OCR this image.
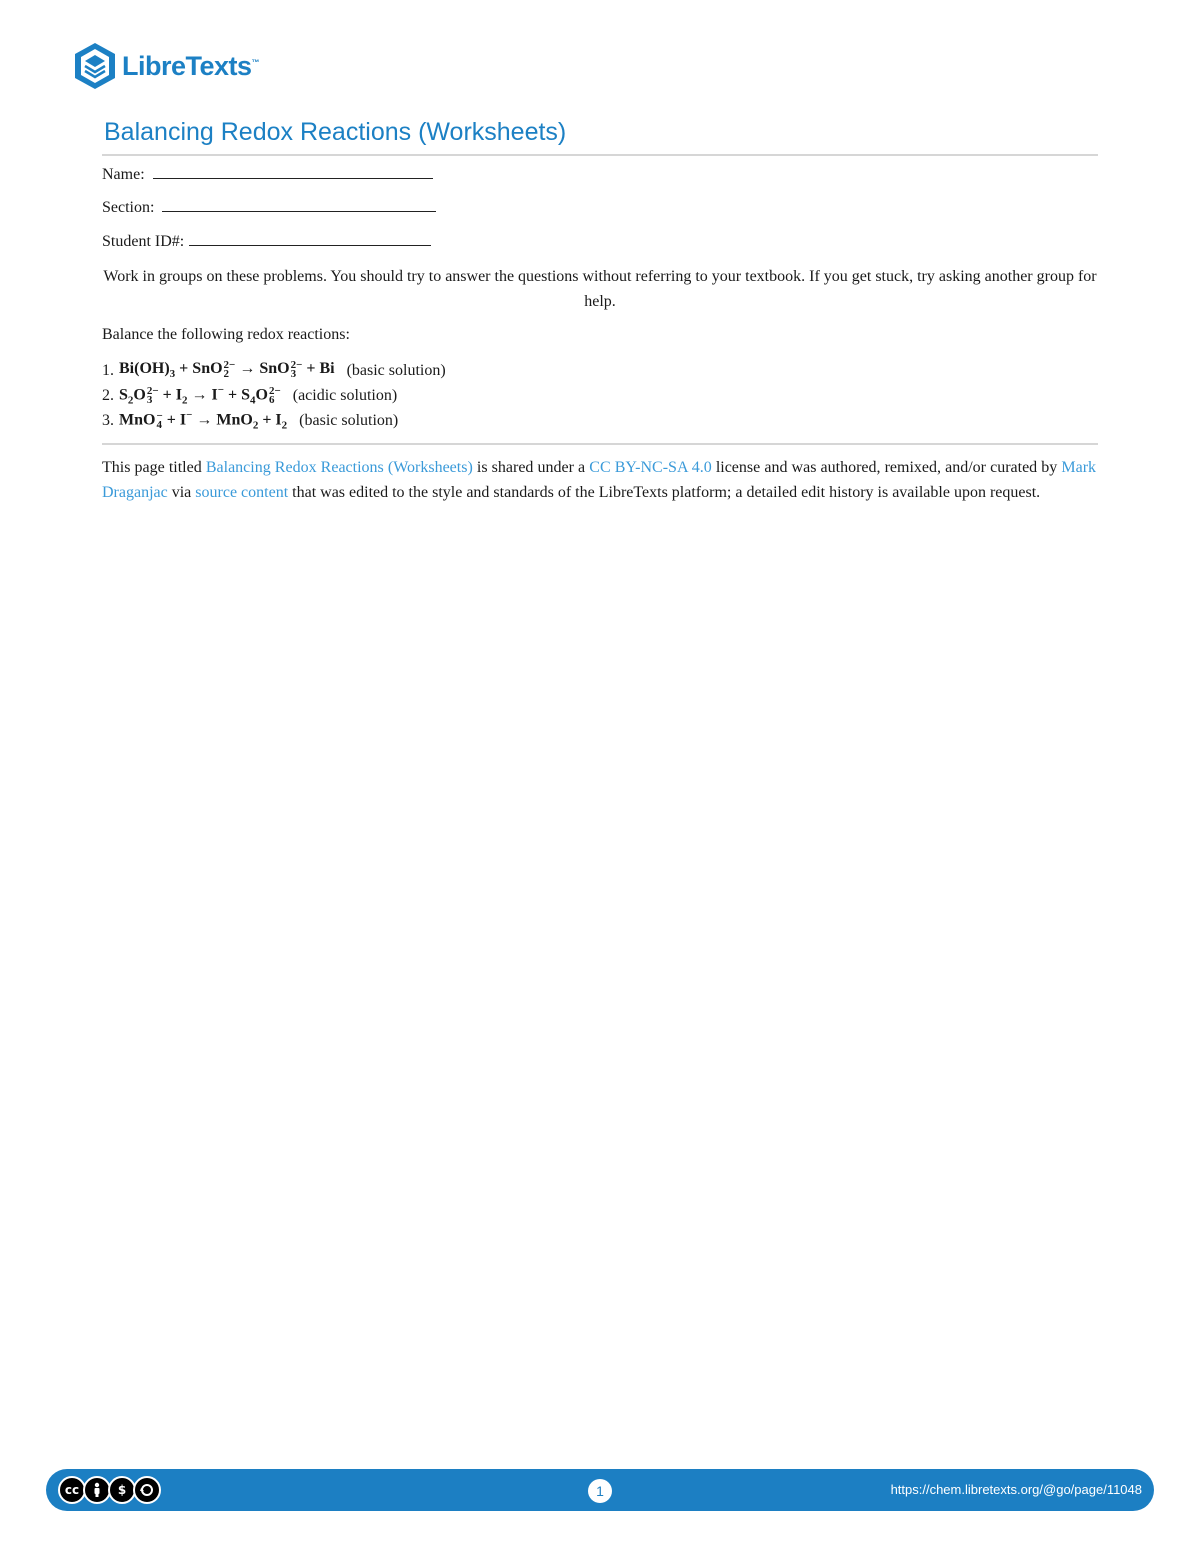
LibreTexts™
Balancing Redox Reactions (Worksheets)
Name:
Section:
Student ID#:

Work in groups on these problems. You should try to answer the questions without referring to your textbook. If you get stuck, try asking another group for help.

Balance the following redox reactions:

1. $Bi(OH)_3$ + SnO 2−
2 → SnO 2−
3 + Bi (basic solution)
2. $S_2O$ 2−
$3 + I_2 \to I^- + S_4O$ 2−
6	(acidic solution)
3. MnO −
$4 + I^- \to MnO_2 + I_2$ (basic solution)

This page titled Balancing Redox Reactions (Worksheets) is shared under a CC BY-NC-SA 4.0 license and was authored, remixed, and/or curated by Mark Draganjac via source content that was edited to the style and standards of the LibreTexts platform; a detailed edit history is available upon request.

cc	$	1	https://chem.libretexts.org/@go/page/11048
